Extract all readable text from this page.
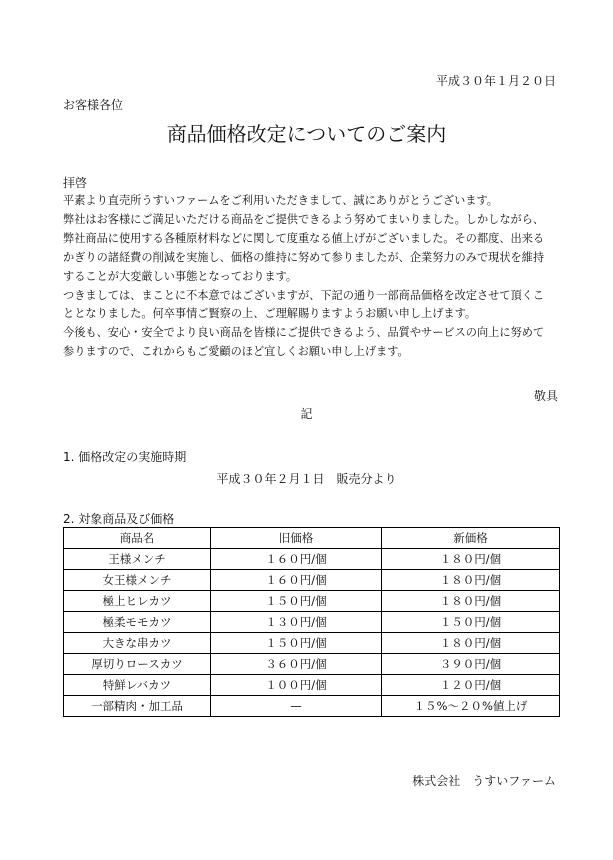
平成３０年１月２０日
お客様各位
商品価格改定についてのご案内
拝啓

平素より直売所うすいファームをご利用いただきまして、誠にありがとうございます。

弊社はお客様にご満足いただける商品をご提供できるよう努めてまいりました。しかしながら、弊社商品に使用する各種原材料などに関して度重なる値上げがございました。その都度、出来るかぎりの諸経費の削減を実施し、価格の維持に努めて参りましたが、企業努力のみで現状を維持することが大変厳しい事態となっております。

つきましては、まことに不本意ではございますが、下記の通り一部商品価格を改定させて頂くこととなりました。何卒事情ご賢察の上、ご理解賜りますようお願い申し上げます。

今後も、安心・安全でより良い商品を皆様にご提供できるよう、品質やサービスの向上に努めて参りますので、これからもご愛顧のほど宜しくお願い申し上げます。

敬具
記
1. 価格改定の実施時期
平成３０年２月１日　販売分より
2. 対象商品及び価格
商品名	旧価格	新価格
王様メンチ	１６０円/個	１８０円/個
女王様メンチ	１６０円/個	１８０円/個
極上ヒレカツ	１５０円/個	１８０円/個
極柔モモカツ	１３０円/個	１５０円/個
大きな串カツ	１５０円/個	１８０円/個
厚切りロースカツ	３６０円/個	３９０円/個
特鮮レバカツ	１００円/個	１２０円/個
一部精肉・加工品	—	１５%～２０%値上げ
株式会社　うすいファーム
